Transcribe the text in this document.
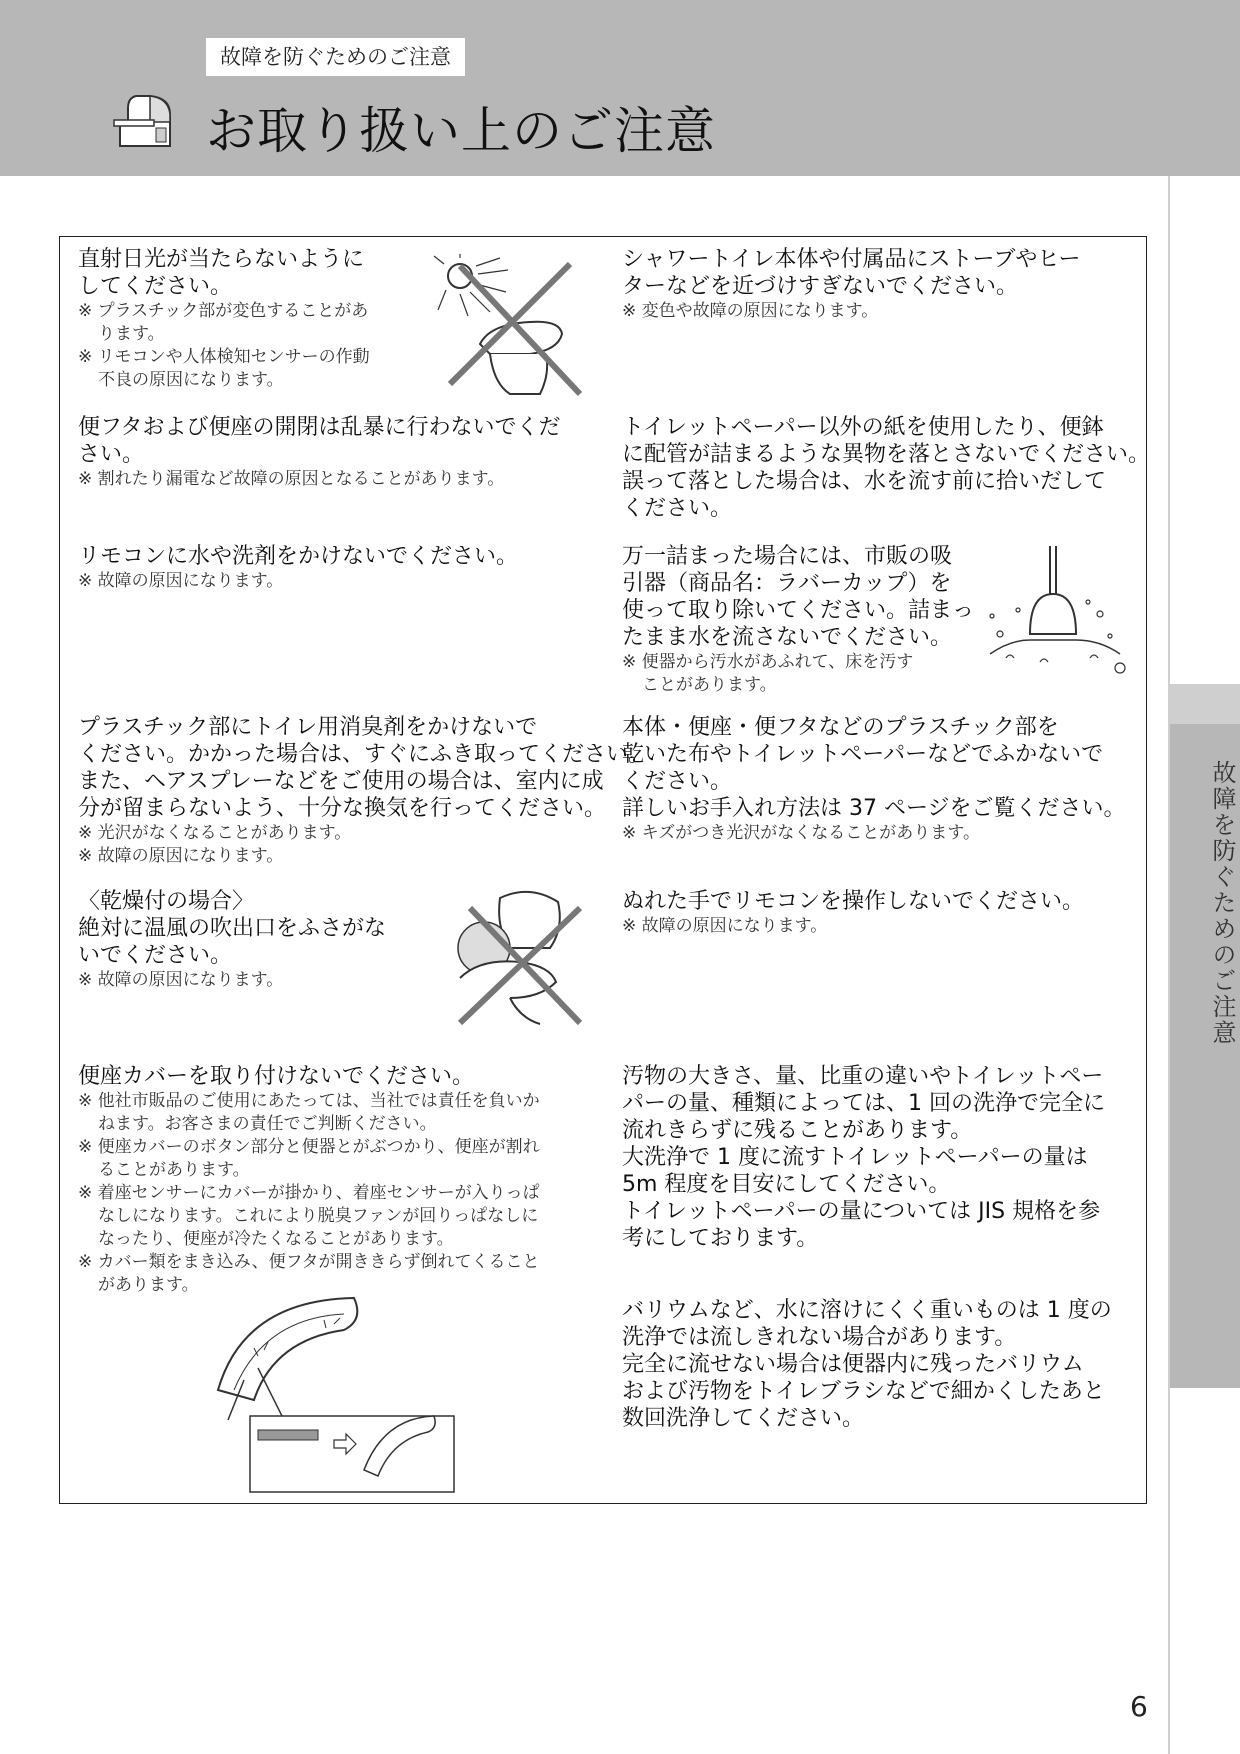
故障を防ぐためのご注意
お取り扱い上のご注意
故障を防ぐためのご注意
直射日光が当たらないように
してください。
※ プラスチック部が変色することがあ
ります。
※ リモコンや人体検知センサーの作動
不良の原因になります。
シャワートイレ本体や付属品にストーブやヒー
ターなどを近づけすぎないでください。
※ 変色や故障の原因になります。
便フタおよび便座の開閉は乱暴に行わないでくだ
さい。
※ 割れたり漏電など故障の原因となることがあります。
トイレットペーパー以外の紙を使用したり、便鉢
に配管が詰まるような異物を落とさないでください。
誤って落とした場合は、水を流す前に拾いだして
ください。
リモコンに水や洗剤をかけないでください。
※ 故障の原因になります。
万一詰まった場合には、市販の吸
引器（商品名：ラバーカップ）を
使って取り除いてください。詰まっ
たまま水を流さないでください。
※ 便器から汚水があふれて、床を汚す
ことがあります。
プラスチック部にトイレ用消臭剤をかけないで
ください。かかった場合は、すぐにふき取ってください。
また、ヘアスプレーなどをご使用の場合は、室内に成
分が留まらないよう、十分な換気を行ってください。
※ 光沢がなくなることがあります。
※ 故障の原因になります。
本体・便座・便フタなどのプラスチック部を
乾いた布やトイレットペーパーなどでふかないで
ください。
詳しいお手入れ方法は 37 ページをご覧ください。
※ キズがつき光沢がなくなることがあります。
〈乾燥付の場合〉
絶対に温風の吹出口をふさがな
いでください。
※ 故障の原因になります。
ぬれた手でリモコンを操作しないでください。
※ 故障の原因になります。
便座カバーを取り付けないでください。
※ 他社市販品のご使用にあたっては、当社では責任を負いか
ねます。お客さまの責任でご判断ください。
※ 便座カバーのボタン部分と便器とがぶつかり、便座が割れ
ることがあります。
※ 着座センサーにカバーが掛かり、着座センサーが入りっぱ
なしになります。これにより脱臭ファンが回りっぱなしに
なったり、便座が冷たくなることがあります。
※ カバー類をまき込み、便フタが開ききらず倒れてくること
があります。
汚物の大きさ、量、比重の違いやトイレットペー
パーの量、種類によっては、1 回の洗浄で完全に
流れきらずに残ることがあります。
大洗浄で 1 度に流すトイレットペーパーの量は
5m 程度を目安にしてください。
トイレットペーパーの量については JIS 規格を参
考にしております。
バリウムなど、水に溶けにくく重いものは 1 度の
洗浄では流しきれない場合があります。
完全に流せない場合は便器内に残ったバリウム
および汚物をトイレブラシなどで細かくしたあと
数回洗浄してください。
6
